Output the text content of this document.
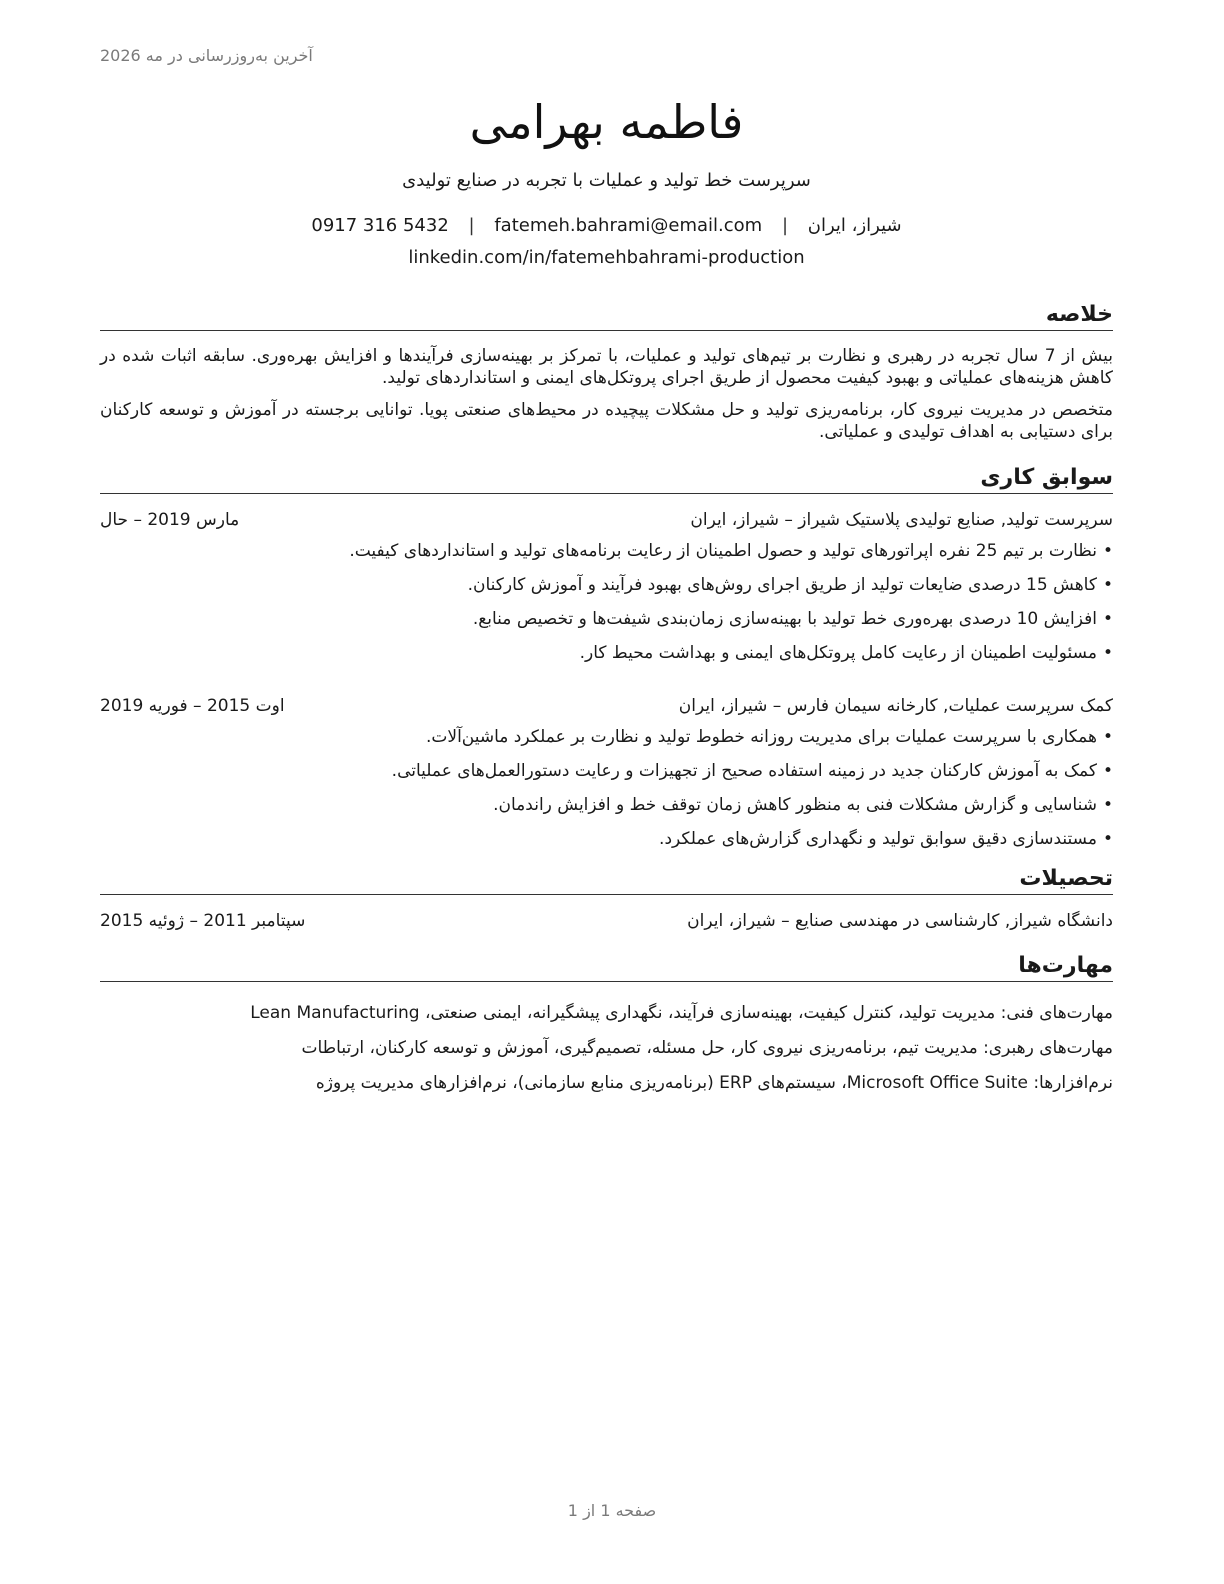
آخرین به‌روزرسانی در مه 2026
فاطمه بهرامی
سرپرست خط تولید و عملیات با تجربه در صنایع تولیدی
شیراز، ایران | fatemeh.bahrami@email.com | 0917 316 5432
linkedin.com/in/fatemehbahrami-production
خلاصه

بیش از 7 سال تجربه در رهبری و نظارت بر تیم‌های تولید و عملیات، با تمرکز بر بهینه‌سازی فرآیندها و افزایش بهره‌وری. سابقه اثبات شده در کاهش هزینه‌های عملیاتی و بهبود کیفیت محصول از طریق اجرای پروتکل‌های ایمنی و استانداردهای تولید.

متخصص در مدیریت نیروی کار، برنامه‌ریزی تولید و حل مشکلات پیچیده در محیط‌های صنعتی پویا. توانایی برجسته در آموزش و توسعه کارکنان برای دستیابی به اهداف تولیدی و عملیاتی.

سوابق کاری
سرپرست تولید, صنایع تولیدی پلاستیک شیراز – شیراز، ایران
مارس 2019 – حال
•نظارت بر تیم 25 نفره اپراتورهای تولید و حصول اطمینان از رعایت برنامه‌های تولید و استانداردهای کیفیت.
•کاهش 15 درصدی ضایعات تولید از طریق اجرای روش‌های بهبود فرآیند و آموزش کارکنان.
•افزایش 10 درصدی بهره‌وری خط تولید با بهینه‌سازی زمان‌بندی شیفت‌ها و تخصیص منابع.
•مسئولیت اطمینان از رعایت کامل پروتکل‌های ایمنی و بهداشت محیط کار.
کمک سرپرست عملیات, کارخانه سیمان فارس – شیراز، ایران
اوت 2015 – فوریه 2019
•همکاری با سرپرست عملیات برای مدیریت روزانه خطوط تولید و نظارت بر عملکرد ماشین‌آلات.
•کمک به آموزش کارکنان جدید در زمینه استفاده صحیح از تجهیزات و رعایت دستورالعمل‌های عملیاتی.
•شناسایی و گزارش مشکلات فنی به منظور کاهش زمان توقف خط و افزایش راندمان.
•مستندسازی دقیق سوابق تولید و نگهداری گزارش‌های عملکرد.
تحصیلات
دانشگاه شیراز, کارشناسی در مهندسی صنایع – شیراز، ایران
سپتامبر 2011 – ژوئیه 2015
مهارت‌ها
مهارت‌های فنی: مدیریت تولید، کنترل کیفیت، بهینه‌سازی فرآیند، نگهداری پیشگیرانه، ایمنی صنعتی، Lean Manufacturing
مهارت‌های رهبری: مدیریت تیم، برنامه‌ریزی نیروی کار، حل مسئله، تصمیم‌گیری، آموزش و توسعه کارکنان، ارتباطات
نرم‌افزارها: Microsoft Office Suite، سیستم‌های ERP (برنامه‌ریزی منابع سازمانی)، نرم‌افزارهای مدیریت پروژه
صفحه 1 از 1
